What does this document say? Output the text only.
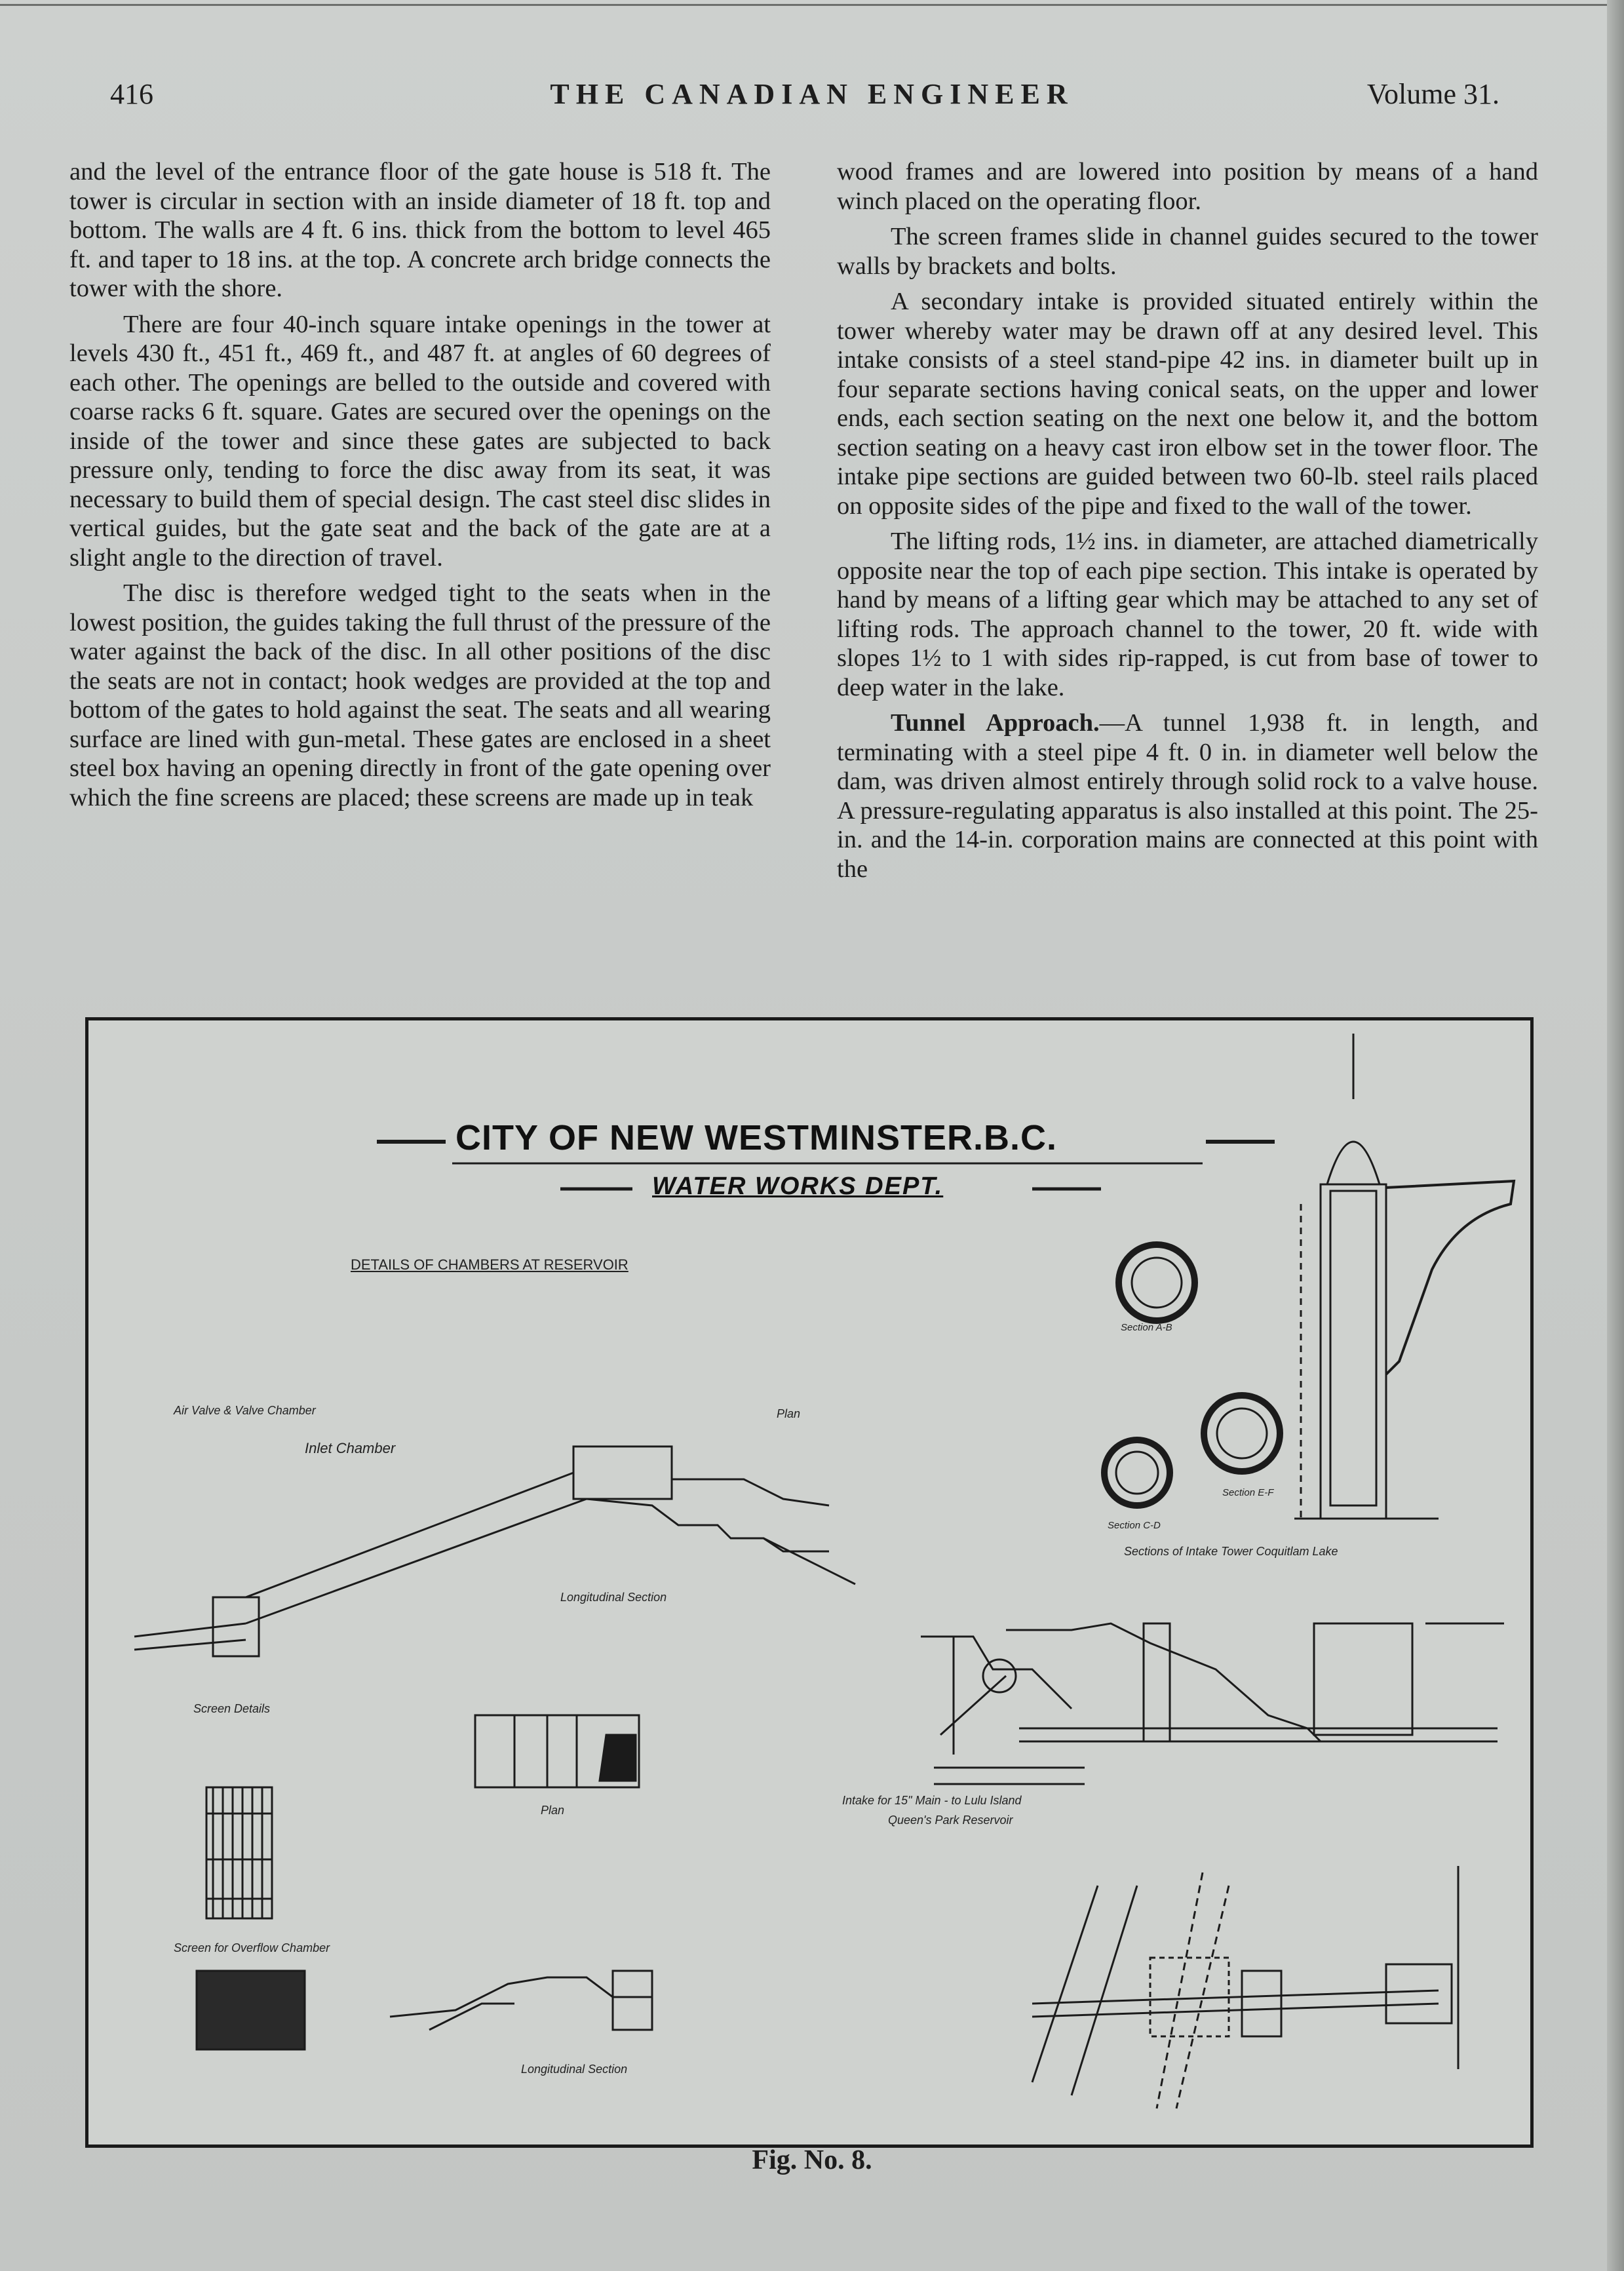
416	THE CANADIAN ENGINEER	Volume 31.

and the level of the entrance floor of the gate house is 518 ft. The tower is circular in section with an inside diameter of 18 ft. top and bottom. The walls are 4 ft. 6 ins. thick from the bottom to level 465 ft. and taper to 18 ins. at the top. A concrete arch bridge connects the tower with the shore.

There are four 40-inch square intake openings in the tower at levels 430 ft., 451 ft., 469 ft., and 487 ft. at angles of 60 degrees of each other. The openings are belled to the outside and covered with coarse racks 6 ft. square. Gates are secured over the openings on the inside of the tower and since these gates are subjected to back pressure only, tending to force the disc away from its seat, it was necessary to build them of special design. The cast steel disc slides in vertical guides, but the gate seat and the back of the gate are at a slight angle to the direction of travel.

The disc is therefore wedged tight to the seats when in the lowest position, the guides taking the full thrust of the pressure of the water against the back of the disc. In all other positions of the disc the seats are not in contact; hook wedges are provided at the top and bottom of the gates to hold against the seat. The seats and all wearing surface are lined with gun-metal. These gates are enclosed in a sheet steel box having an opening directly in front of the gate opening over which the fine screens are placed; these screens are made up in teak

wood frames and are lowered into position by means of a hand winch placed on the operating floor.

The screen frames slide in channel guides secured to the tower walls by brackets and bolts.

A secondary intake is provided situated entirely within the tower whereby water may be drawn off at any desired level. This intake consists of a steel stand-pipe 42 ins. in diameter built up in four separate sections having conical seats, on the upper and lower ends, each section seating on the next one below it, and the bottom section seating on a heavy cast iron elbow set in the tower floor. The intake pipe sections are guided between two 60-lb. steel rails placed on opposite sides of the pipe and fixed to the wall of the tower.

The lifting rods, 1½ ins. in diameter, are attached diametrically opposite near the top of each pipe section. This intake is operated by hand by means of a lifting gear which may be attached to any set of lifting rods. The approach channel to the tower, 20 ft. wide with slopes 1½ to 1 with sides rip-rapped, is cut from base of tower to deep water in the lake.

Tunnel Approach.—A tunnel 1,938 ft. in length, and terminating with a steel pipe 4 ft. 0 in. in diameter well below the dam, was driven almost entirely through solid rock to a valve house. A pressure-regulating apparatus is also installed at this point. The 25-in. and the 14-in. corporation mains are connected at this point with the

CITY OF NEW WESTMINSTER.B.C.
WATER WORKS DEPT.
DETAILS OF CHAMBERS AT RESERVOIR
Air Valve & Valve Chamber	Plan
Inlet Chamber
Longitudinal Section
Screen Details
Plan
Screen for Overflow Chamber
Longitudinal Section
Section A-B
Section C-D
Section E-F
Sections of Intake Tower Coquitlam Lake
Intake for 15" Main - to Lulu Island
Queen's Park Reservoir
Fig. No. 8.
